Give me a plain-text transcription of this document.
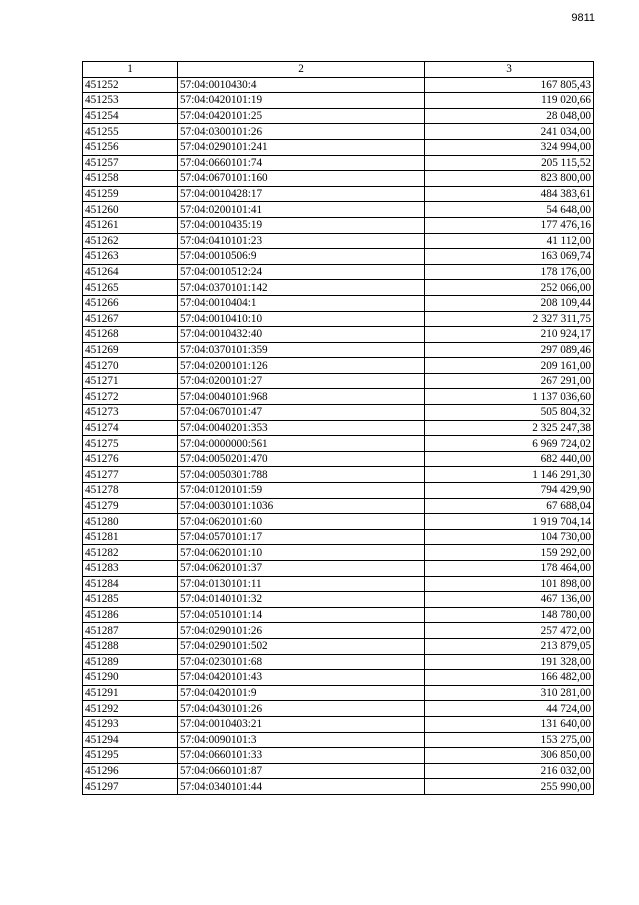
9811
1	2	3
451252	57:04:0010430:4	167 805,43
451253	57:04:0420101:19	119 020,66
451254	57:04:0420101:25	28 048,00
451255	57:04:0300101:26	241 034,00
451256	57:04:0290101:241	324 994,00
451257	57:04:0660101:74	205 115,52
451258	57:04:0670101:160	823 800,00
451259	57:04:0010428:17	484 383,61
451260	57:04:0200101:41	54 648,00
451261	57:04:0010435:19	177 476,16
451262	57:04:0410101:23	41 112,00
451263	57:04:0010506:9	163 069,74
451264	57:04:0010512:24	178 176,00
451265	57:04:0370101:142	252 066,00
451266	57:04:0010404:1	208 109,44
451267	57:04:0010410:10	2 327 311,75
451268	57:04:0010432:40	210 924,17
451269	57:04:0370101:359	297 089,46
451270	57:04:0200101:126	209 161,00
451271	57:04:0200101:27	267 291,00
451272	57:04:0040101:968	1 137 036,60
451273	57:04:0670101:47	505 804,32
451274	57:04:0040201:353	2 325 247,38
451275	57:04:0000000:561	6 969 724,02
451276	57:04:0050201:470	682 440,00
451277	57:04:0050301:788	1 146 291,30
451278	57:04:0120101:59	794 429,90
451279	57:04:0030101:1036	67 688,04
451280	57:04:0620101:60	1 919 704,14
451281	57:04:0570101:17	104 730,00
451282	57:04:0620101:10	159 292,00
451283	57:04:0620101:37	178 464,00
451284	57:04:0130101:11	101 898,00
451285	57:04:0140101:32	467 136,00
451286	57:04:0510101:14	148 780,00
451287	57:04:0290101:26	257 472,00
451288	57:04:0290101:502	213 879,05
451289	57:04:0230101:68	191 328,00
451290	57:04:0420101:43	166 482,00
451291	57:04:0420101:9	310 281,00
451292	57:04:0430101:26	44 724,00
451293	57:04:0010403:21	131 640,00
451294	57:04:0090101:3	153 275,00
451295	57:04:0660101:33	306 850,00
451296	57:04:0660101:87	216 032,00
451297	57:04:0340101:44	255 990,00
